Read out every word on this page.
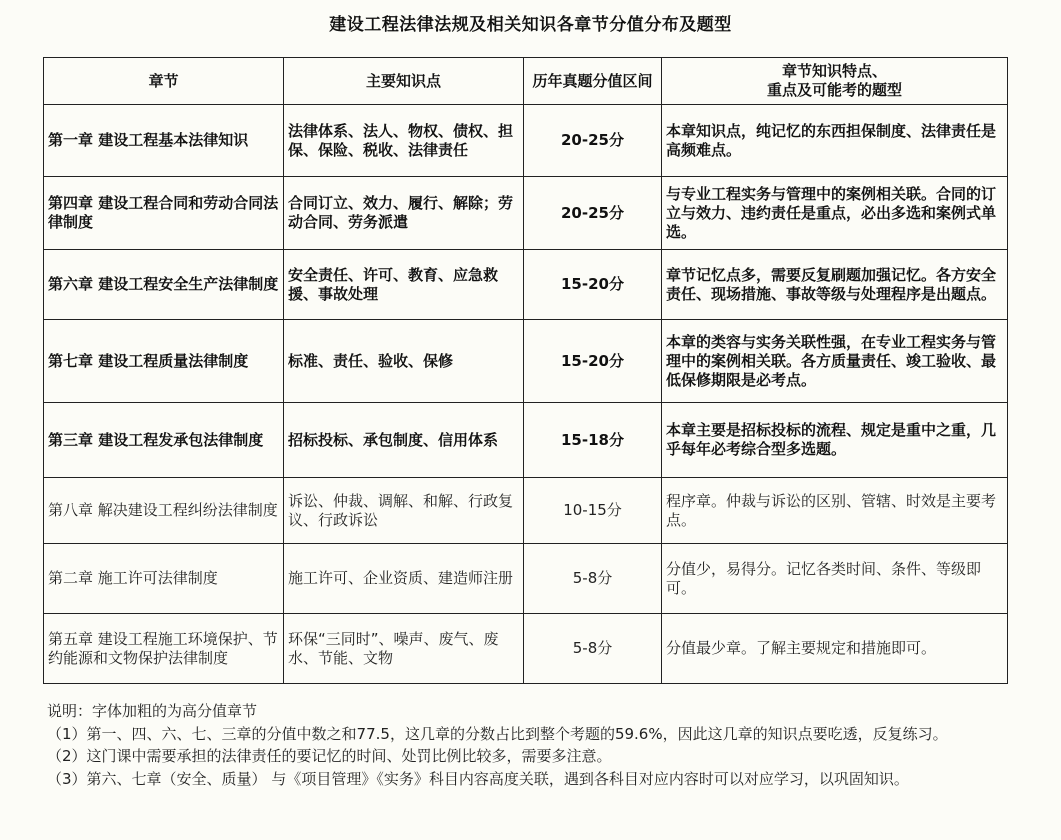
建设工程法律法规及相关知识各章节分值分布及题型
章节	主要知识点	历年真题分值区间	章节知识特点、
重点及可能考的题型
第一章 建设工程基本法律知识	法律体系、法人、物权、债权、担保、保险、税收、法律责任	20-25分	本章知识点，纯记忆的东西担保制度、法律责任是高频难点。
第四章 建设工程合同和劳动合同法律制度	合同订立、效力、履行、解除；劳动合同、劳务派遣	20-25分	与专业工程实务与管理中的案例相关联。合同的订立与效力、违约责任是重点，必出多选和案例式单选。
第六章 建设工程安全生产法律制度	安全责任、许可、教育、应急救援、事故处理	15-20分	章节记忆点多，需要反复刷题加强记忆。各方安全责任、现场措施、事故等级与处理程序是出题点。
第七章 建设工程质量法律制度	标准、责任、验收、保修	15-20分	本章的类容与实务关联性强，在专业工程实务与管理中的案例相关联。各方质量责任、竣工验收、最低保修期限是必考点。
第三章 建设工程发承包法律制度	招标投标、承包制度、信用体系	15-18分	本章主要是招标投标的流程、规定是重中之重，几乎每年必考综合型多选题。
第八章 解决建设工程纠纷法律制度	诉讼、仲裁、调解、和解、行政复议、行政诉讼	10-15分	程序章。仲裁与诉讼的区别、管辖、时效是主要考点。
第二章 施工许可法律制度	施工许可、企业资质、建造师注册	5-8分	分值少，易得分。记忆各类时间、条件、等级即可。
第五章 建设工程施工环境保护、节约能源和文物保护法律制度	环保“三同时”、噪声、废气、废水、节能、文物	5-8分	分值最少章。了解主要规定和措施即可。

说明：字体加粗的为高分值章节

（1）第一、四、六、七、三章的分值中数之和77.5，这几章的分数占比到整个考题的59.6%，因此这几章的知识点要吃透，反复练习。

（2）这门课中需要承担的法律责任的要记忆的时间、处罚比例比较多，需要多注意。

（3）第六、七章（安全、质量） 与《项目管理》《实务》科目内容高度关联，遇到各科目对应内容时可以对应学习，以巩固知识。
